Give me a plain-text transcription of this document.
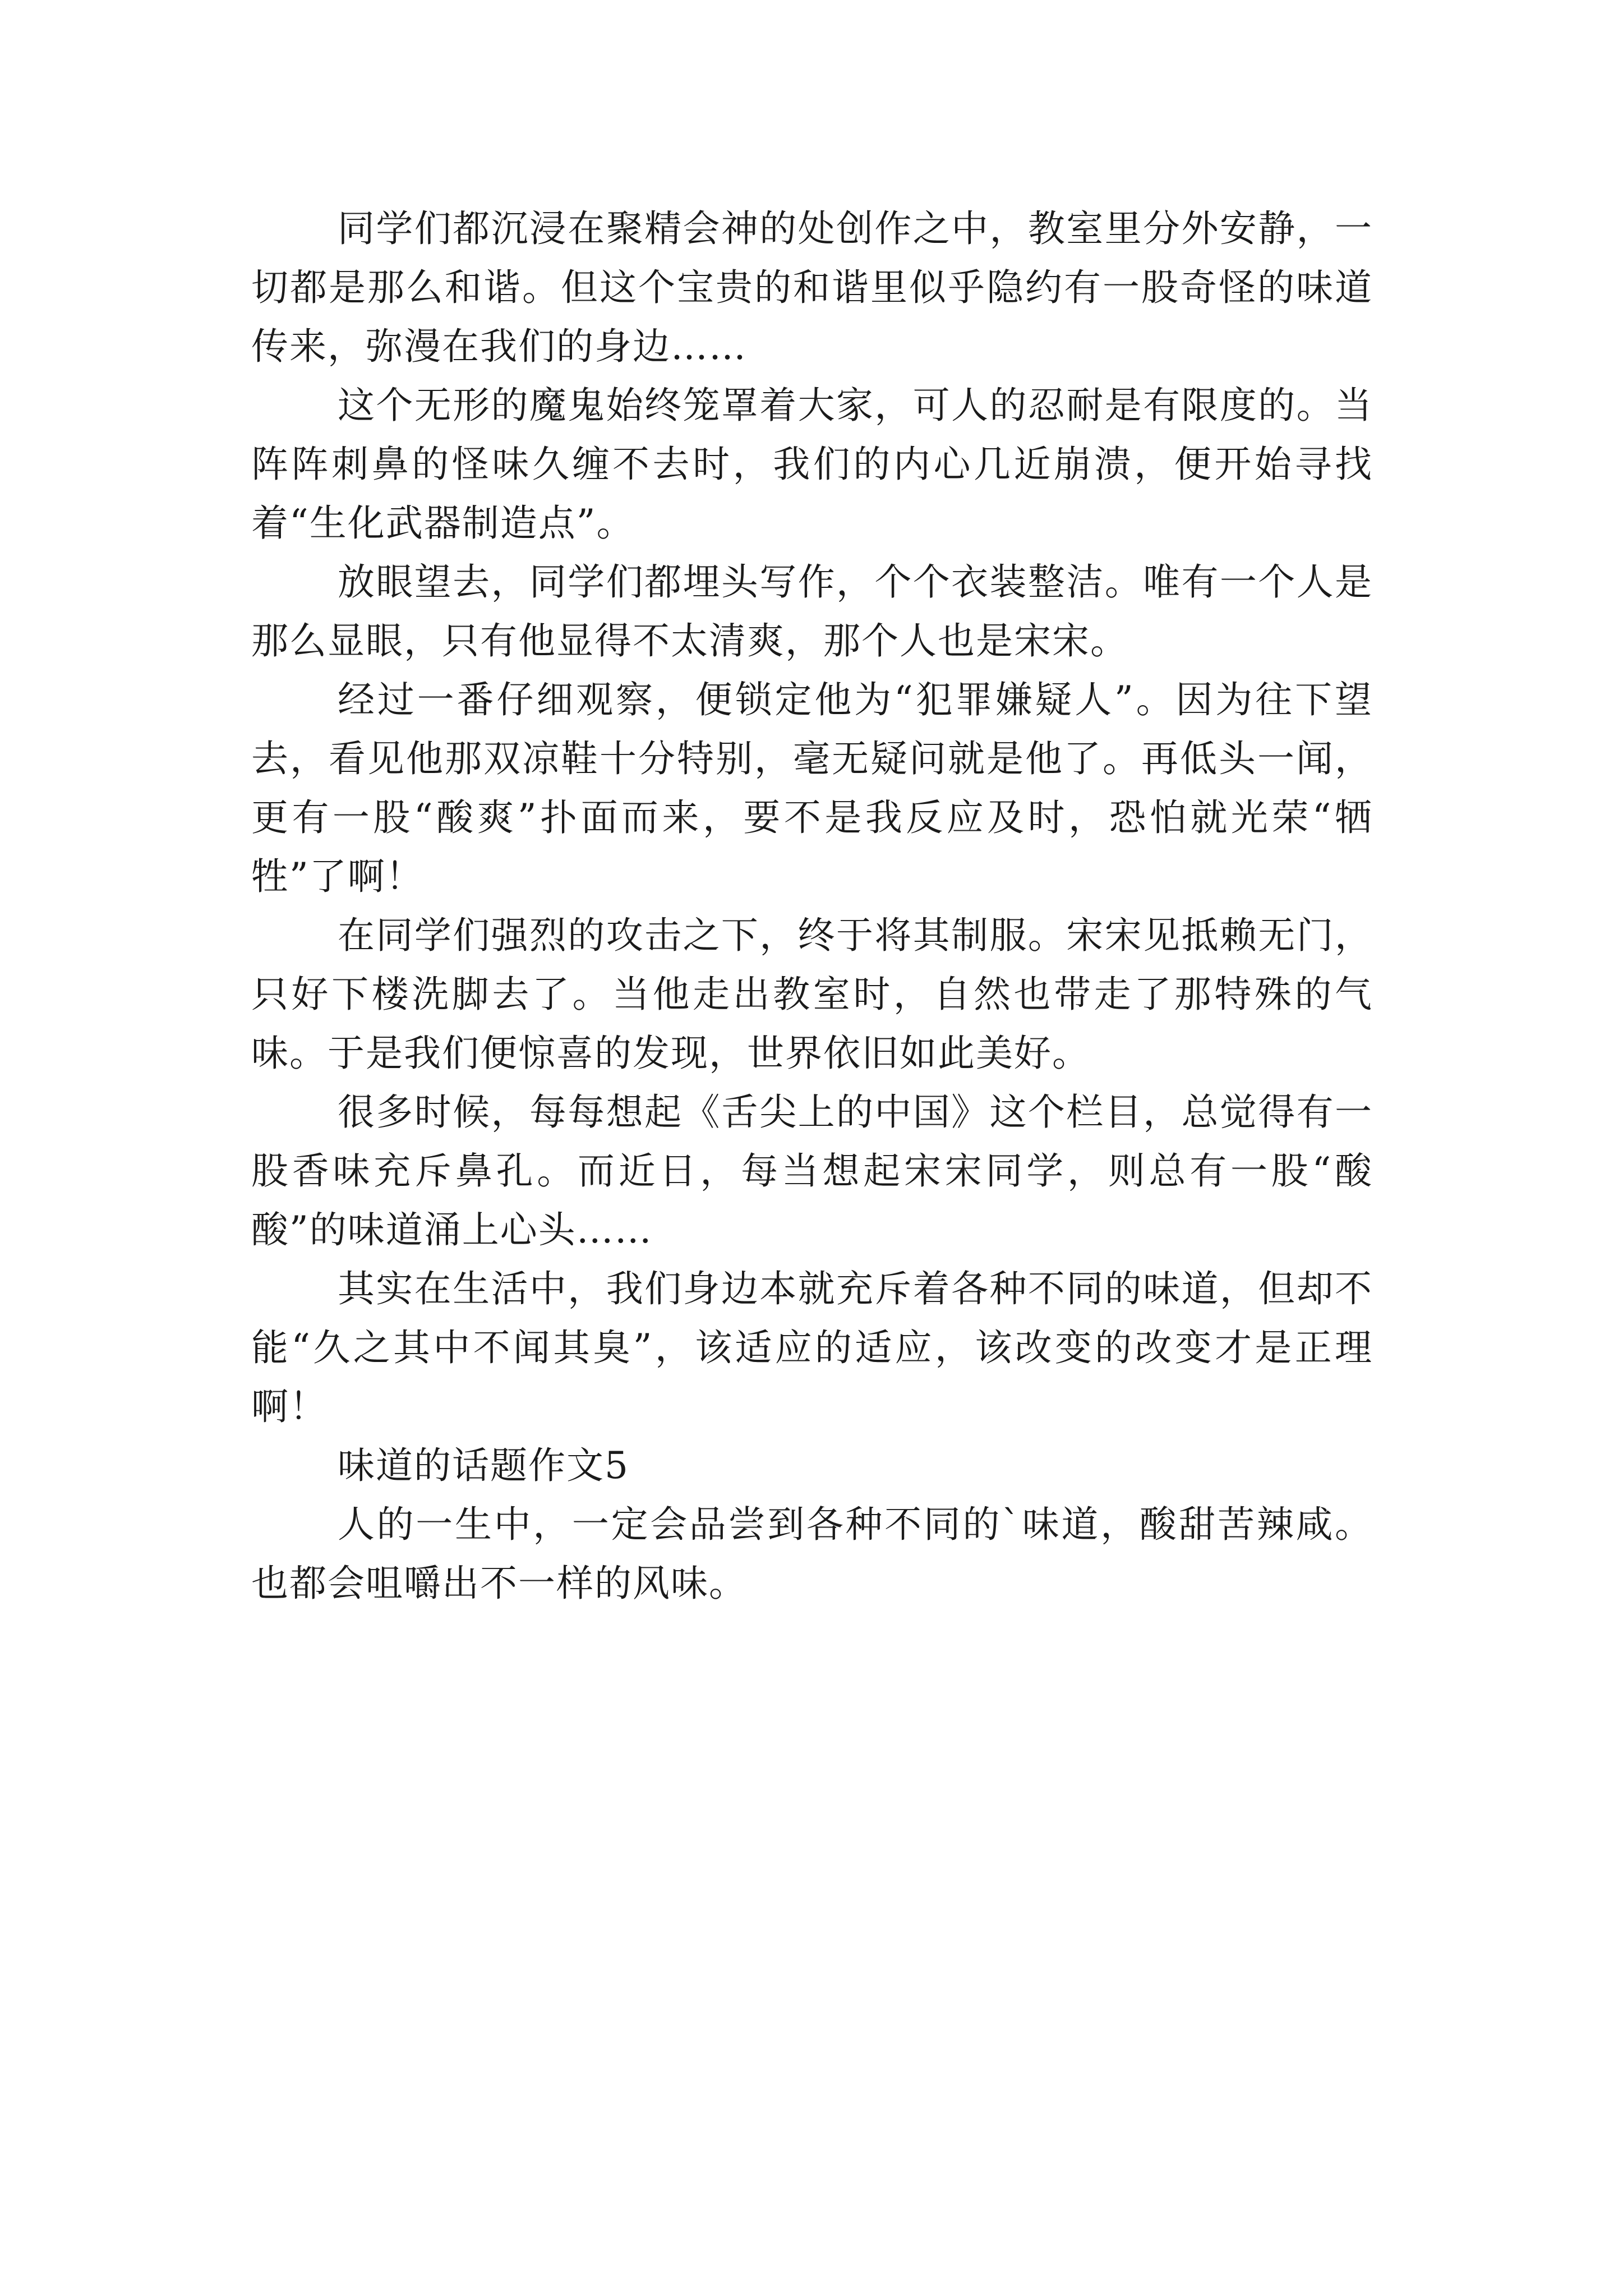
同学们都沉浸在聚精会神的处创作之中，教室里分外安静，一切都是那么和谐。但这个宝贵的和谐里似乎隐约有一股奇怪的味道传来，弥漫在我们的身边……

这个无形的魔鬼始终笼罩着大家，可人的忍耐是有限度的。当阵阵刺鼻的怪味久缠不去时，我们的内心几近崩溃，便开始寻找着“生化武器制造点”。

放眼望去，同学们都埋头写作，个个衣装整洁。唯有一个人是那么显眼，只有他显得不太清爽，那个人也是宋宋。

经过一番仔细观察，便锁定他为“犯罪嫌疑人”。因为往下望去，看见他那双凉鞋十分特别，毫无疑问就是他了。再低头一闻，更有一股“酸爽”扑面而来，要不是我反应及时，恐怕就光荣“牺牲”了啊！

在同学们强烈的攻击之下，终于将其制服。宋宋见抵赖无门，只好下楼洗脚去了。当他走出教室时，自然也带走了那特殊的气味。于是我们便惊喜的发现，世界依旧如此美好。

很多时候，每每想起《舌尖上的中国》这个栏目，总觉得有一股香味充斥鼻孔。而近日，每当想起宋宋同学，则总有一股“酸酸”的味道涌上心头……

其实在生活中，我们身边本就充斥着各种不同的味道，但却不能“久之其中不闻其臭”，该适应的适应，该改变的改变才是正理啊！

味道的话题作文5

人的一生中，一定会品尝到各种不同的`味道，酸甜苦辣咸。也都会咀嚼出不一样的风味。
